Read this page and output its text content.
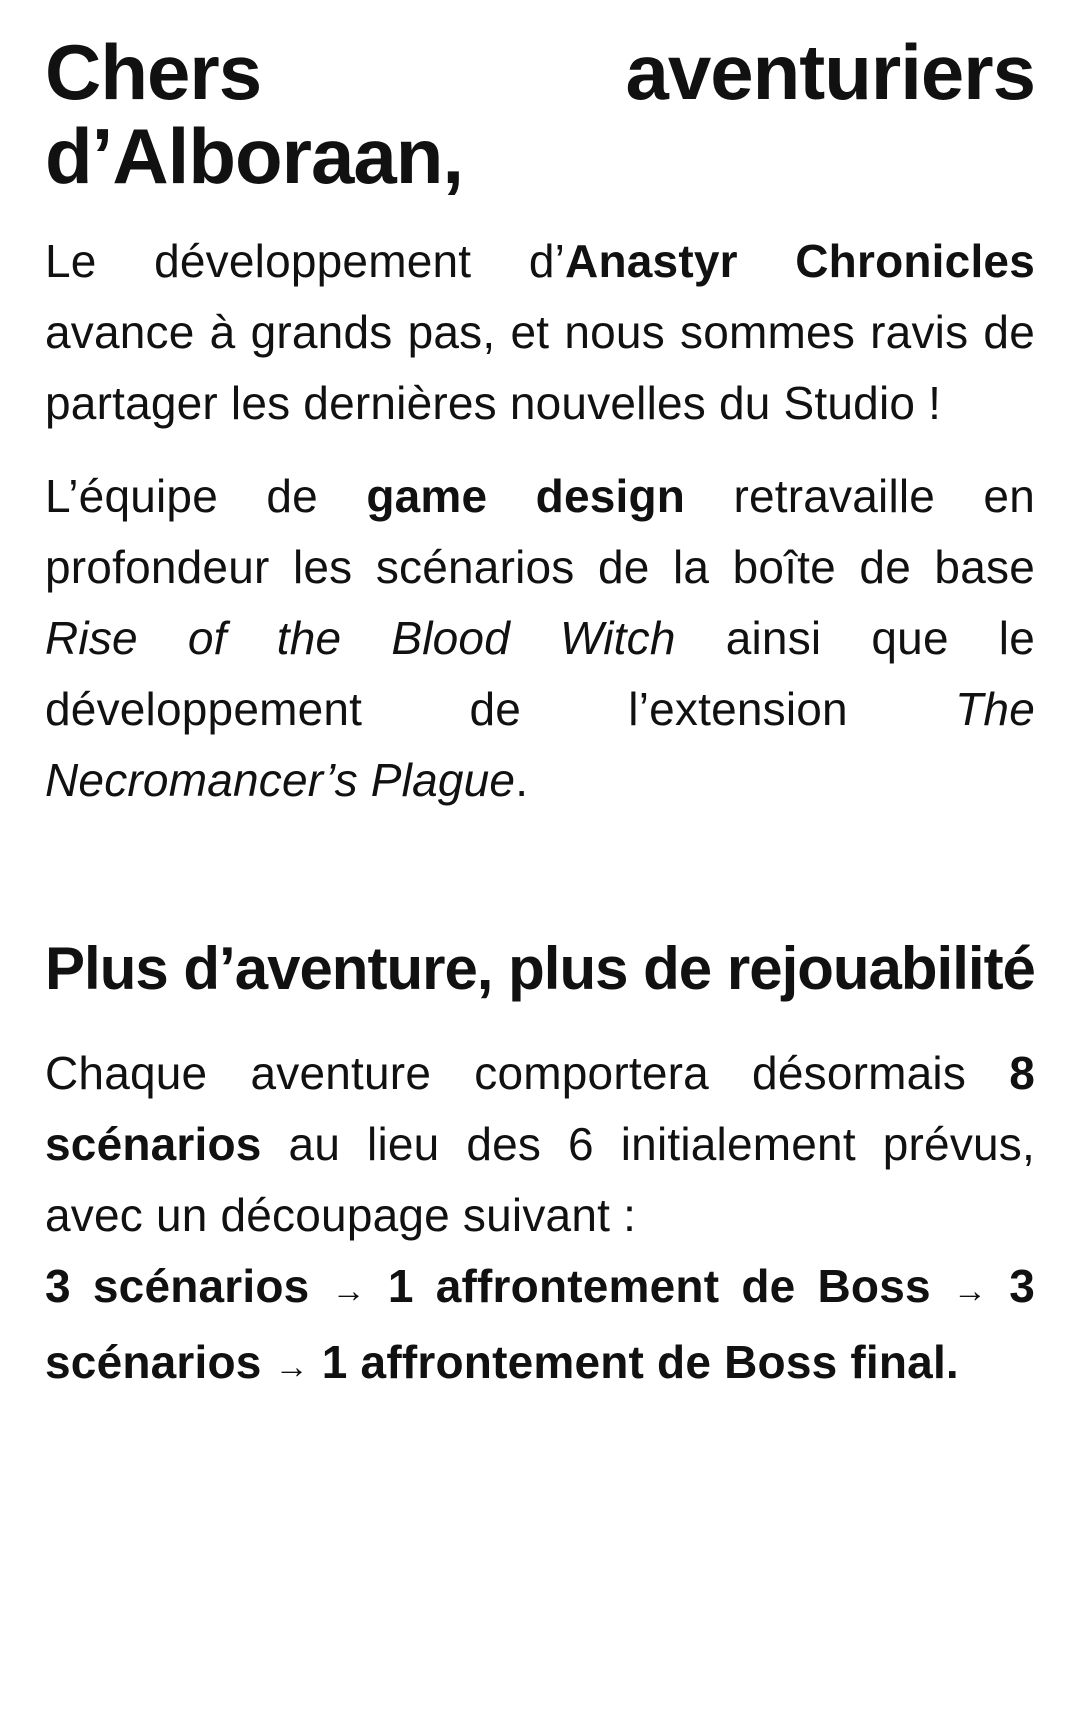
Chers aventuriers d’Alboraan,

Le développement d’Anastyr Chronicles avance à grands pas, et nous sommes ravis de partager les dernières nouvelles du Studio !

L’équipe de game design retravaille en profondeur les scénarios de la boîte de base Rise of the Blood Witch ainsi que le développement de l’extension The Necromancer’s Plague.

Plus d’aventure, plus de rejouabilité

Chaque aventure comportera désormais 8 scénarios au lieu des 6 initialement prévus, avec un découpage suivant :

3 scénarios → 1 affrontement de Boss → 3 scénarios → 1 affrontement de Boss final.
